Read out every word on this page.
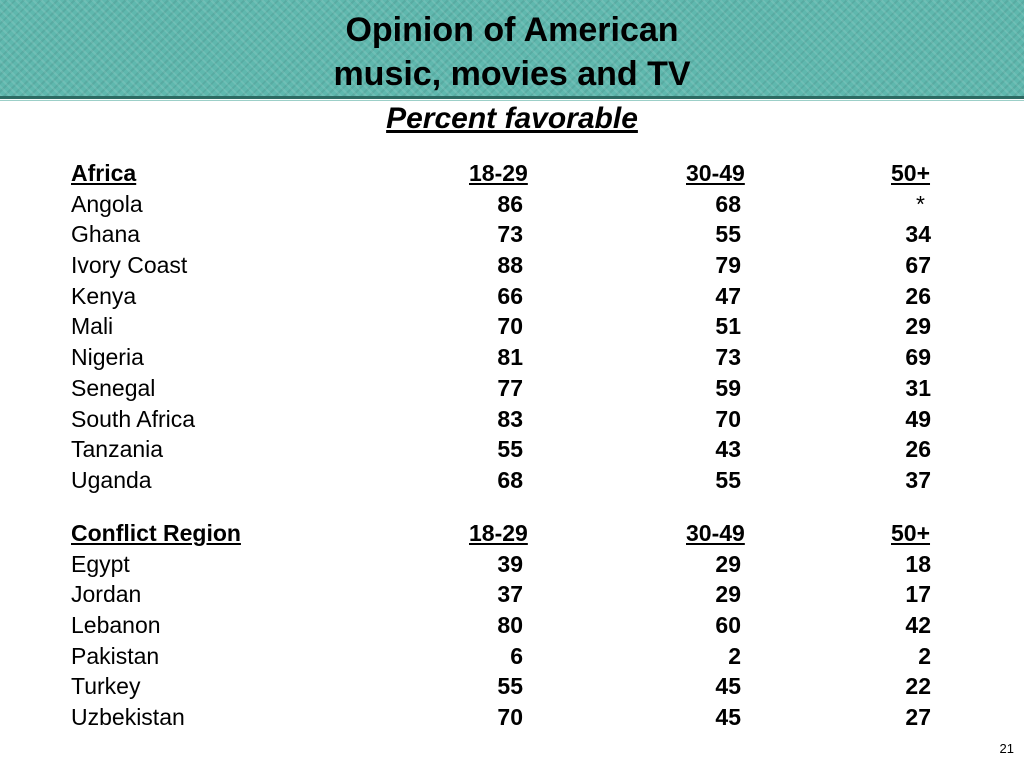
Opinion of American
music, movies and TV
Percent favorable
Africa	18-29	30-49	50+
Angola	86	68	*
Ghana	73	55	34
Ivory Coast	88	79	67
Kenya	66	47	26
Mali	70	51	29
Nigeria	81	73	69
Senegal	77	59	31
South Africa	83	70	49
Tanzania	55	43	26
Uganda	68	55	37
Conflict Region	18-29	30-49	50+
Egypt	39	29	18
Jordan	37	29	17
Lebanon	80	60	42
Pakistan	6	2	2
Turkey	55	45	22
Uzbekistan	70	45	27
21
